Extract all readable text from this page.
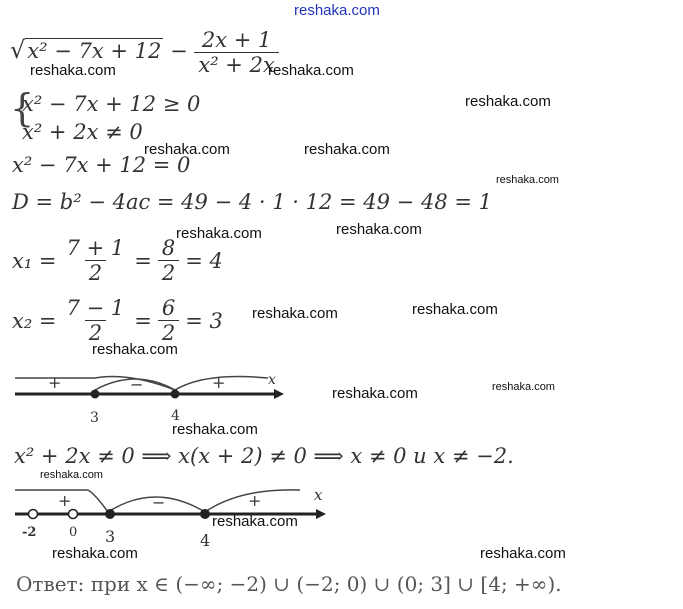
reshaka.com
$√x^2 - 7x + 12 - \frac{2x + 1}{\text{x² + 2x}}$
{
x² − 7x + 12 ≥ 0
x² + 2x ≠ 0
x² − 7x + 12 = 0
D = b² − 4ac = 49 − 4 · 1 · 12 = 49 − 48 = 1
$x_1 = \frac{7 + 1}{2} = \frac{8}{2} = 4$
$x_2 = \frac{7 - 1}{2} = \frac{6}{2} = 3$
+	−	+
3	4
x
x² + 2x ≠ 0 ⟹ x(x + 2) ≠ 0 ⟹ x ≠ 0 и x ≠ −2.
+	−	+
-2	0 3	4
x
Ответ: при x ∈ (−∞; −2) ∪ (−2; 0) ∪ (0; 3] ∪ [4; +∞).
reshaka.com	reshaka.com
reshaka.com
reshaka.com	reshaka.com
reshaka.com
reshaka.com	reshaka.com
reshaka.com	reshaka.com
reshaka.com
reshaka.com	reshaka.com
reshaka.com
reshaka.com
reshaka.com
reshaka.com	reshaka.com
